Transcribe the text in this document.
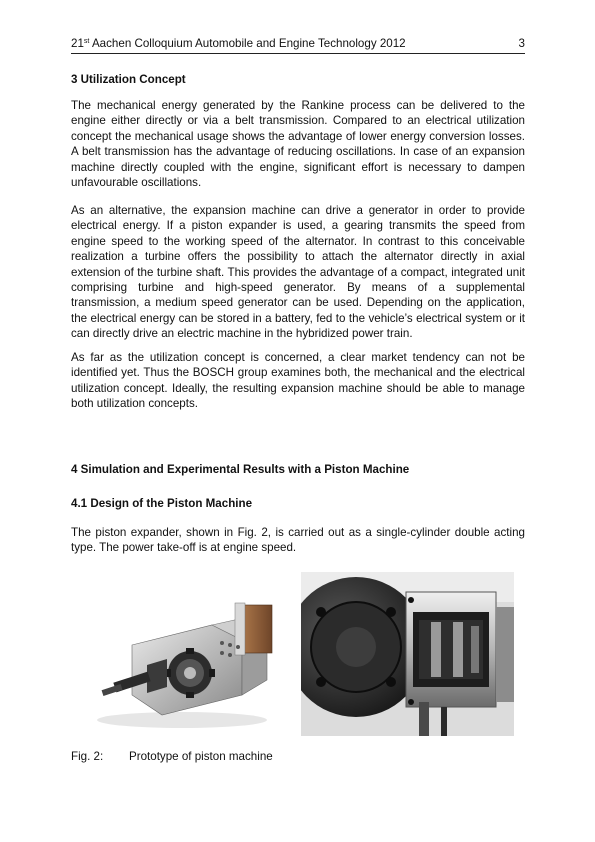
21st Aachen Colloquium Automobile and Engine Technology 2012	3
3 Utilization Concept

The mechanical energy generated by the Rankine process can be delivered to the engine either directly or via a belt transmission. Compared to an electrical utilization concept the mechanical usage shows the advantage of lower energy conversion losses. A belt transmission has the advantage of reducing oscillations. In case of an expansion machine directly coupled with the engine, significant effort is necessary to dampen unfavourable oscillations.

As an alternative, the expansion machine can drive a generator in order to provide electrical energy. If a piston expander is used, a gearing transmits the speed from engine speed to the working speed of the alternator. In contrast to this conceivable realization a turbine offers the possibility to attach the alternator directly in axial extension of the turbine shaft. This provides the advantage of a compact, integrated unit comprising turbine and high-speed generator. By means of a supplemental transmission, a medium speed generator can be used. Depending on the application, the electrical energy can be stored in a battery, fed to the vehicle’s electrical system or it can directly drive an electric machine in the hybridized power train.

As far as the utilization concept is concerned, a clear market tendency can not be identified yet. Thus the BOSCH group examines both, the mechanical and the electrical utilization concept. Ideally, the resulting expansion machine should be able to manage both utilization concepts.

4 Simulation and Experimental Results with a Piston Machine
4.1 Design of the Piston Machine

The piston expander, shown in Fig. 2, is carried out as a single-cylinder double acting type. The power take-off is at engine speed.

Fig. 2:	Prototype of piston machine
